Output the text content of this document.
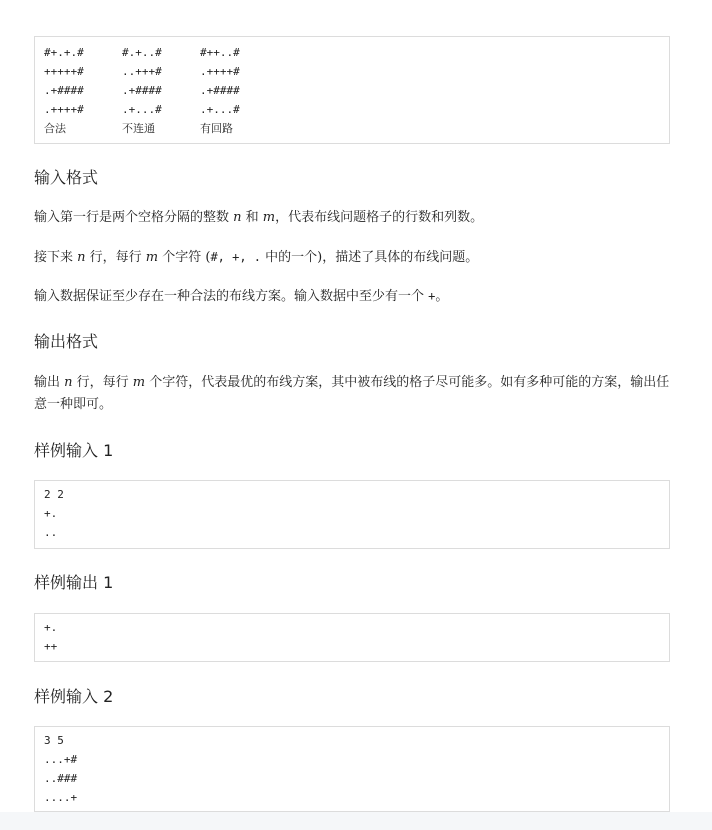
#+.+.#
+++++#
.+####
.++++#
合法
#.+..#
..+++#
.+####
.+...#
不连通
#++..#
.++++#
.+####
.+...#
有回路
输入格式

输入第一行是两个空格分隔的整数 n 和 m，代表布线问题格子的行数和列数。

接下来 n 行，每行 m 个字符 (#, +, . 中的一个)，描述了具体的布线问题。

输入数据保证至少存在一种合法的布线方案。输入数据中至少有一个 +。

输出格式

输出 n 行，每行 m 个字符，代表最优的布线方案，其中被布线的格子尽可能多。如有多种可能的方案，输出任意一种即可。

样例输入 1
2 2
+.
..
样例输出 1
+.
++
样例输入 2
3 5
...+#
..###
....+
